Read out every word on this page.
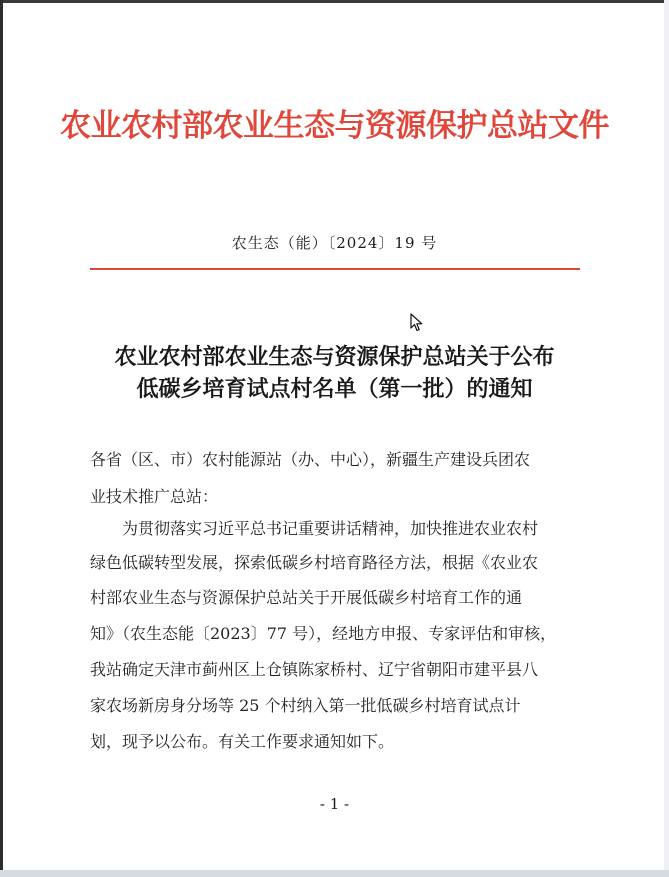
农业农村部农业生态与资源保护总站文件
农生态（能）〔2024〕19 号
农业农村部农业生态与资源保护总站关于公布
低碳乡培育试点村名单（第一批）的通知
各省（区、市）农村能源站（办、中心），新疆生产建设兵团农
业技术推广总站：
　　为贯彻落实习近平总书记重要讲话精神，加快推进农业农村
绿色低碳转型发展，探索低碳乡村培育路径方法，根据《农业农
村部农业生态与资源保护总站关于开展低碳乡村培育工作的通
知》（农生态能〔2023〕77 号），经地方申报、专家评估和审核，
我站确定天津市蓟州区上仓镇陈家桥村、辽宁省朝阳市建平县八
家农场新房身分场等 25 个村纳入第一批低碳乡村培育试点计
划，现予以公布。有关工作要求通知如下。
- 1 -
